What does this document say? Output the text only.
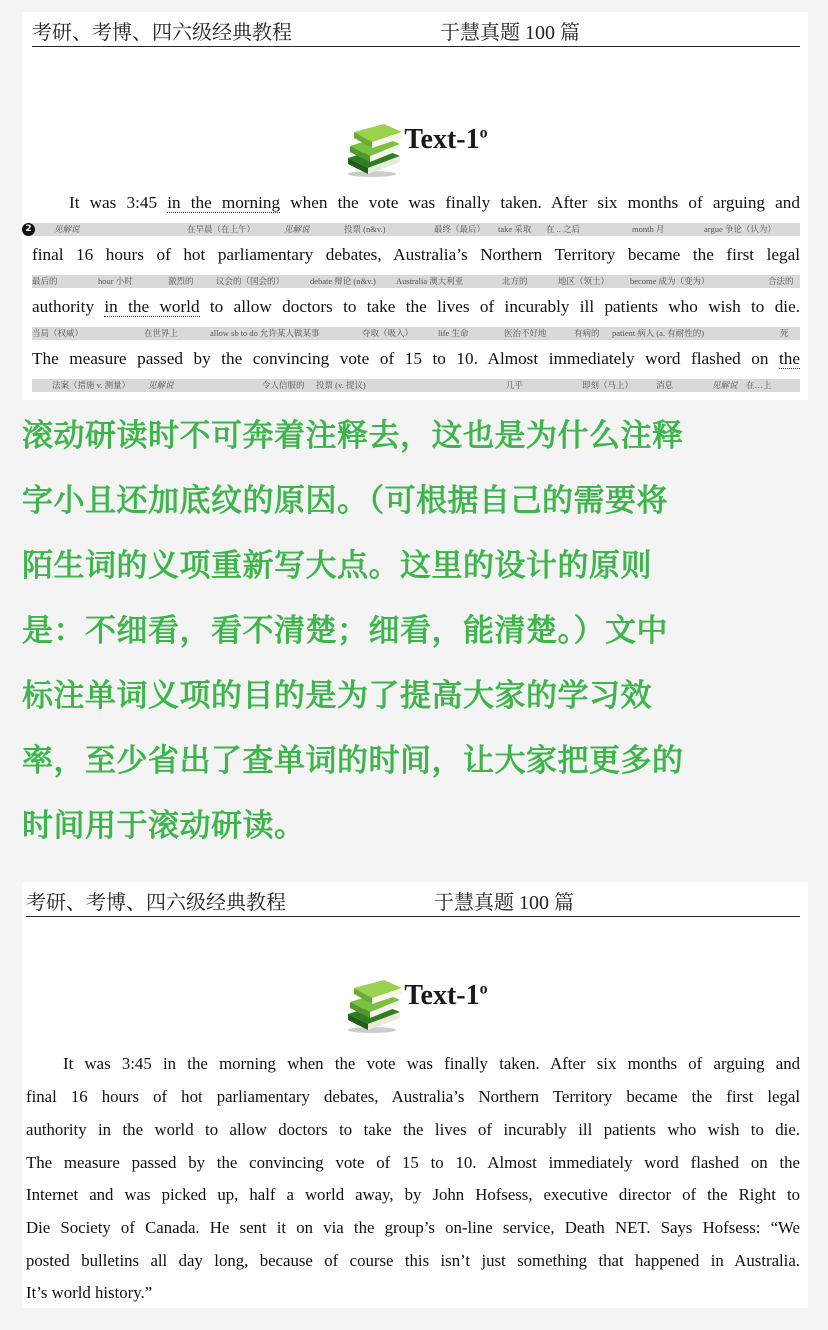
考研、考博、四六级经典教程	于慧真题 100 篇
Text-1$^o$
It was 3:45 in the morning when the vote was finally taken. After six months of arguing and
2	见解说	在早晨（在上午）	见解说	投票 (n&v.)	最终（最后） take 采取 在 .. 之后	month 月	argue 争论（认为）
final 16 hours of hot parliamentary debates, Australia’s Northern Territory became the first legal
最后的	hour 小时	激烈的	议会的（国会的）	debate 辩论 (n&v.) Australia 澳大利亚	北方的	地区（领土） become 成为（变为）	合法的
authority in the world to allow doctors to take the lives of incurably ill patients who wish to die.
当局（权威）	在世界上	allow sb to do 允许某人做某事	夺取（吸入）	life 生命	医治不好地	有病的 patient 病人 (a. 有耐性的)	死
The measure passed by the convincing vote of 15 to 10. Almost immediately word flashed on the
法案（措施 v. 测量） 见解说	令人信服的 投票 (v. 提议)	几乎	即刻（马上）	消息	见解说 在…上
滚动研读时不可奔着注释去，这也是为什么注释
字小且还加底纹的原因。（可根据自己的需要将
陌生词的义项重新写大点。这里的设计的原则
是：不细看，看不清楚；细看，能清楚。）文中
标注单词义项的目的是为了提高大家的学习效
率，至少省出了查单词的时间，让大家把更多的
时间用于滚动研读。
考研、考博、四六级经典教程	于慧真题 100 篇
Text-1$^o$
It was 3:45 in the morning when the vote was finally taken. After six months of arguing and
final 16 hours of hot parliamentary debates, Australia’s Northern Territory became the first legal
authority in the world to allow doctors to take the lives of incurably ill patients who wish to die.
The measure passed by the convincing vote of 15 to 10. Almost immediately word flashed on the
Internet and was picked up, half a world away, by John Hofsess, executive director of the Right to
Die Society of Canada. He sent it on via the group’s on-line service, Death NET. Says Hofsess: “We
posted bulletins all day long, because of course this isn’t just something that happened in Australia.
It’s world history.”
